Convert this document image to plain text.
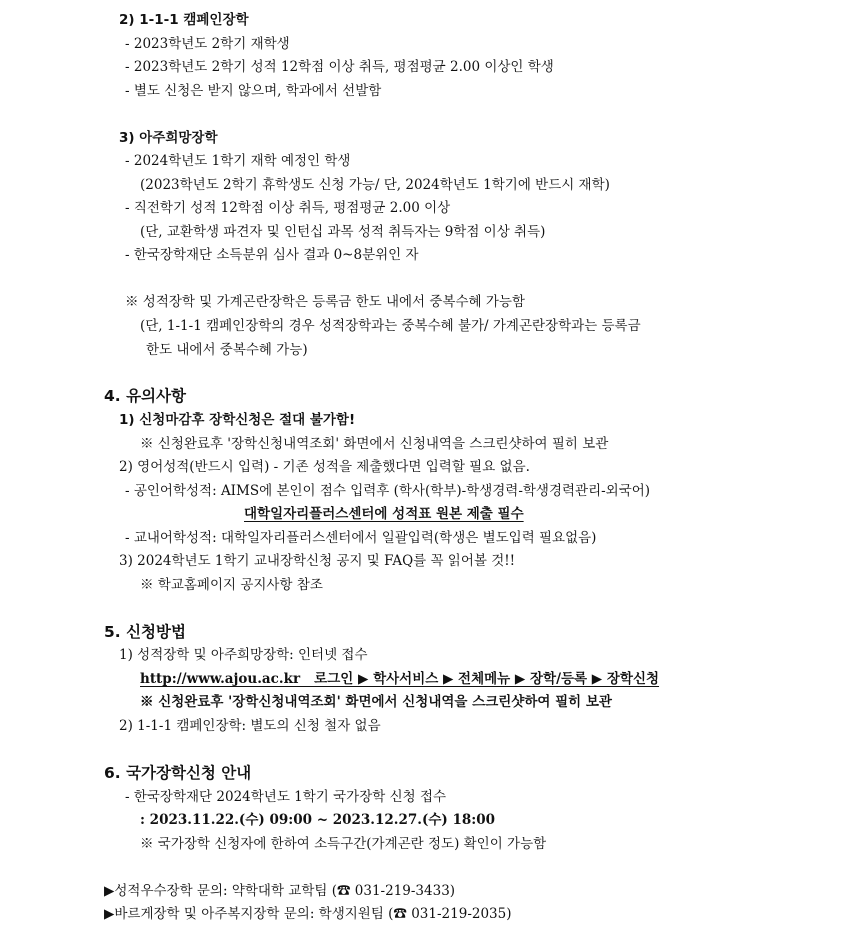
2) 1-1-1 캠페인장학
- 2023학년도 2학기 재학생
- 2023학년도 2학기 성적 12학점 이상 취득, 평점평균 2.00 이상인 학생
- 별도 신청은 받지 않으며, 학과에서 선발함
3) 아주희망장학
- 2024학년도 1학기 재학 예정인 학생
(2023학년도 2학기 휴학생도 신청 가능/ 단, 2024학년도 1학기에 반드시 재학)
- 직전학기 성적 12학점 이상 취득, 평점평균 2.00 이상
(단, 교환학생 파견자 및 인턴십 과목 성적 취득자는 9학점 이상 취득)
- 한국장학재단 소득분위 심사 결과 0~8분위인 자
※ 성적장학 및 가계곤란장학은 등록금 한도 내에서 중복수혜 가능함
(단, 1-1-1 캠페인장학의 경우 성적장학과는 중복수혜 불가/ 가계곤란장학과는 등록금
한도 내에서 중복수혜 가능)
4. 유의사항
1) 신청마감후 장학신청은 절대 불가함!
※ 신청완료후 '장학신청내역조회' 화면에서 신청내역을 스크린샷하여 필히 보관
2) 영어성적(반드시 입력) - 기존 성적을 제출했다면 입력할 필요 없음.
- 공인어학성적: AIMS에 본인이 점수 입력후 (학사(학부)-학생경력-학생경력관리-외국어)
대학일자리플러스센터에 성적표 원본 제출 필수
- 교내어학성적: 대학일자리플러스센터에서 일괄입력(학생은 별도입력 필요없음)
3) 2024학년도 1학기 교내장학신청 공지 및 FAQ를 꼭 읽어볼 것!!
※ 학교홈페이지 공지사항 참조
5. 신청방법
1) 성적장학 및 아주희망장학: 인터넷 접수
http://www.ajou.ac.kr   로그인 ▶ 학사서비스 ▶ 전체메뉴 ▶ 장학/등록 ▶ 장학신청
※ 신청완료후 '장학신청내역조회' 화면에서 신청내역을 스크린샷하여 필히 보관
2) 1-1-1 캠페인장학: 별도의 신청 철자 없음
6. 국가장학신청 안내
- 한국장학재단 2024학년도 1학기 국가장학 신청 접수
: 2023.11.22.(수) 09:00 ~ 2023.12.27.(수) 18:00
※ 국가장학 신청자에 한하여 소득구간(가계곤란 정도) 확인이 가능함
▶성적우수장학 문의: 약학대학 교학팀 (☎ 031-219-3433)
▶바르게장학 및 아주복지장학 문의: 학생지원팀 (☎ 031-219-2035)
